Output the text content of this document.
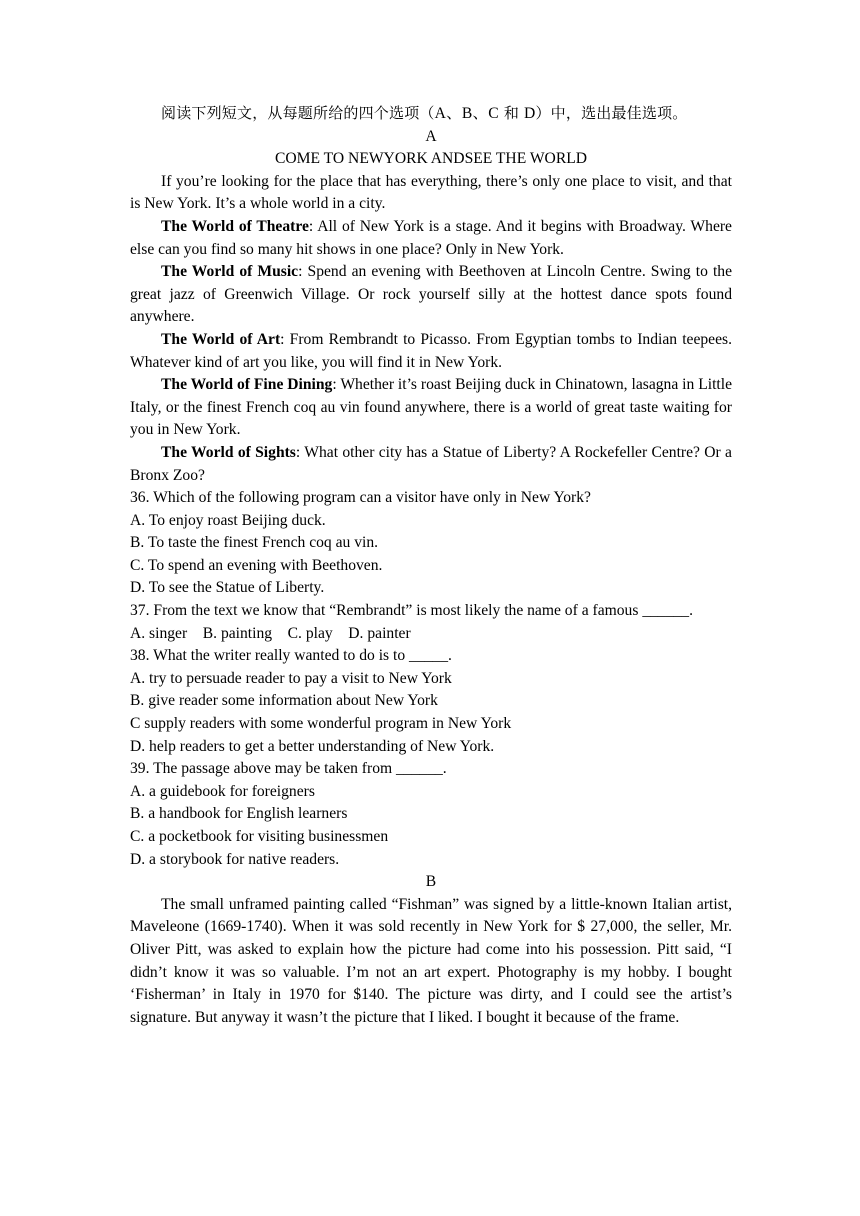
阅读下列短文，从每题所给的四个选项（A、B、C 和 D）中，选出最佳选项。
A
COME TO NEWYORK ANDSEE THE WORLD

If you’re looking for the place that has everything, there’s only one place to visit, and that is New York. It’s a whole world in a city.

The World of Theatre: All of New York is a stage. And it begins with Broadway. Where else can you find so many hit shows in one place? Only in New York.

The World of Music: Spend an evening with Beethoven at Lincoln Centre. Swing to the great jazz of Greenwich Village. Or rock yourself silly at the hottest dance spots found anywhere.

The World of Art: From Rembrandt to Picasso. From Egyptian tombs to Indian teepees. Whatever kind of art you like, you will find it in New York.

The World of Fine Dining: Whether it’s roast Beijing duck in Chinatown, lasagna in Little Italy, or the finest French coq au vin found anywhere, there is a world of great taste waiting for you in New York.

The World of Sights: What other city has a Statue of Liberty? A Rockefeller Centre? Or a Bronx Zoo?

36. Which of the following program can a visitor have only in New York?
A. To enjoy roast Beijing duck.
B. To taste the finest French coq au vin.
C. To spend an evening with Beethoven.
D. To see the Statue of Liberty.

37. From the text we know that “Rembrandt” is most likely the name of a famous ______.

A. singer    B. painting    C. play    D. painter
38. What the writer really wanted to do is to _____.
A. try to persuade reader to pay a visit to New York
B. give reader some information about New York
C supply readers with some wonderful program in New York
D. help readers to get a better understanding of New York.
39. The passage above may be taken from ______.
A. a guidebook for foreigners
B. a handbook for English learners
C. a pocketbook for visiting businessmen
D. a storybook for native readers.
B

The small unframed painting called “Fishman” was signed by a little-known Italian artist, Maveleone (1669-1740). When it was sold recently in New York for $ 27,000, the seller, Mr. Oliver Pitt, was asked to explain how the picture had come into his possession. Pitt said, “I didn’t know it was so valuable. I’m not an art expert. Photography is my hobby. I bought ‘Fisherman’ in Italy in 1970 for $140. The picture was dirty, and I could see the artist’s signature. But anyway it wasn’t the picture that I liked. I bought it because of the frame.
